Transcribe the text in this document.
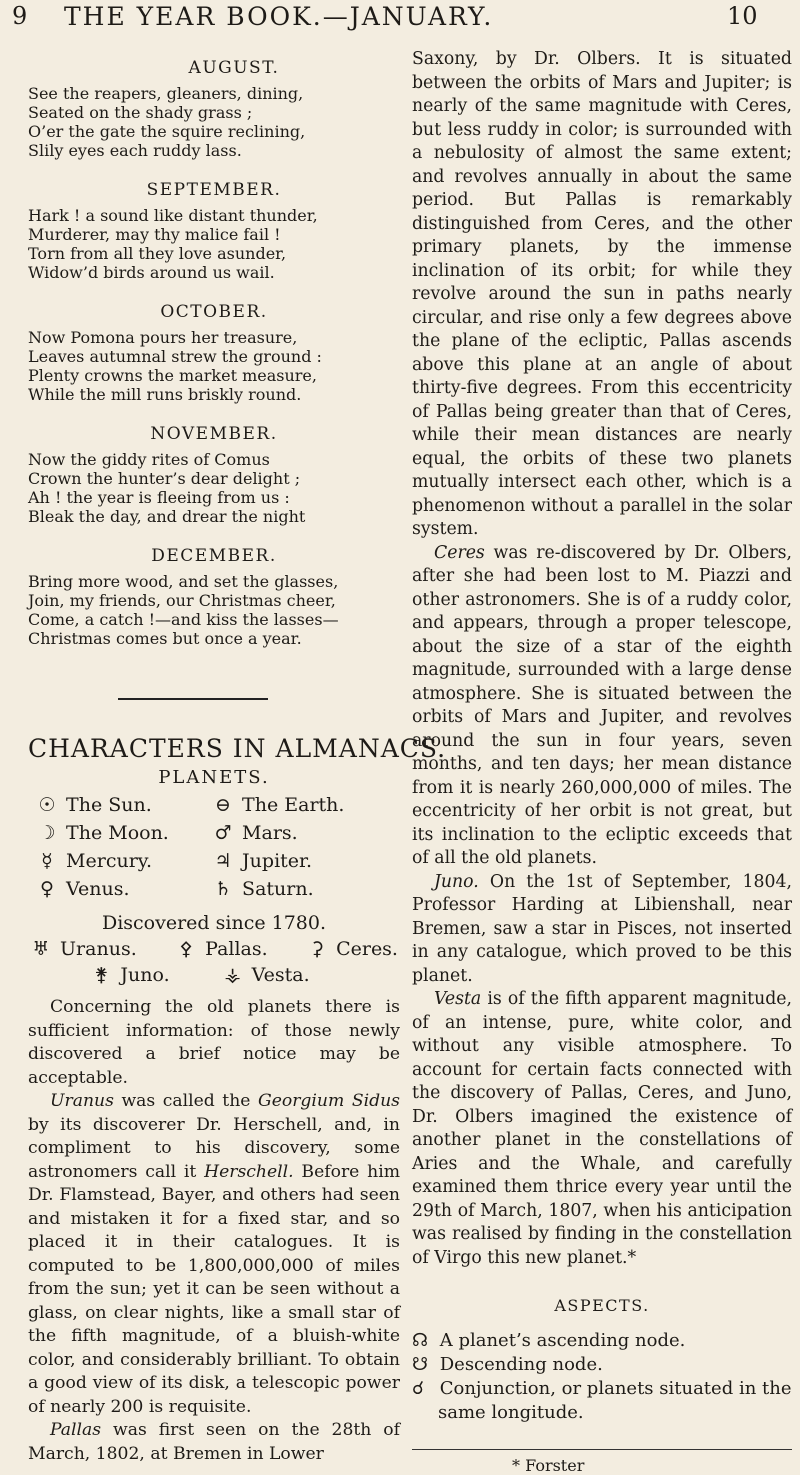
9 THE YEAR BOOK.—JANUARY.	10
AUGUST.
See the reapers, gleaners, dining,
Seated on the shady grass ;
O’er the gate the squire reclining,
Slily eyes each ruddy lass.
SEPTEMBER.
Hark ! a sound like distant thunder,
Murderer, may thy malice fail !
Torn from all they love asunder,
Widow’d birds around us wail.
OCTOBER.
Now Pomona pours her treasure,
Leaves autumnal strew the ground :
Plenty crowns the market measure,
While the mill runs briskly round.
NOVEMBER.
Now the giddy rites of Comus
Crown the hunter’s dear delight ;
Ah ! the year is fleeing from us :
Bleak the day, and drear the night
DECEMBER.
Bring more wood, and set the glasses,
Join, my friends, our Christmas cheer,
Come, a catch !—and kiss the lasses—
Christmas comes but once a year.
CHARACTERS IN ALMANACS.
PLANETS.
☉ The Sun.	⊖ The Earth.
☽ The Moon.	♂ Mars.
☿ Mercury.	♃ Jupiter.
♀ Venus.	♄ Saturn.
Discovered since 1780.
♅ Uranus.	⚴ Pallas.	⚳ Ceres.
⚵ Juno.	⚶ Vesta.

Concerning the old planets there is sufficient information: of those newly discovered a brief notice may be acceptable.

Uranus was called the Georgium Sidus by its discoverer Dr. Herschell, and, in compliment to his discovery, some astronomers call it Herschell. Before him Dr. Flamstead, Bayer, and others had seen and mistaken it for a fixed star, and so placed it in their catalogues. It is computed to be 1,800,000,000 of miles from the sun; yet it can be seen without a glass, on clear nights, like a small star of the fifth magnitude, of a bluish-white color, and considerably brilliant. To obtain a good view of its disk, a telescopic power of nearly 200 is requisite.

Pallas was first seen on the 28th of March, 1802, at Bremen in Lower

Saxony, by Dr. Olbers. It is situated between the orbits of Mars and Jupiter; is nearly of the same magnitude with Ceres, but less ruddy in color; is surrounded with a nebulosity of almost the same extent; and revolves annually in about the same period. But Pallas is remarkably distinguished from Ceres, and the other primary planets, by the immense inclination of its orbit; for while they revolve around the sun in paths nearly circular, and rise only a few degrees above the plane of the ecliptic, Pallas ascends above this plane at an angle of about thirty-five degrees. From this eccentricity of Pallas being greater than that of Ceres, while their mean distances are nearly equal, the orbits of these two planets mutually intersect each other, which is a phenomenon without a parallel in the solar system.

Ceres was re-discovered by Dr. Olbers, after she had been lost to M. Piazzi and other astronomers. She is of a ruddy color, and appears, through a proper telescope, about the size of a star of the eighth magnitude, surrounded with a large dense atmosphere. She is situated between the orbits of Mars and Jupiter, and revolves around the sun in four years, seven months, and ten days; her mean distance from it is nearly 260,000,000 of miles. The eccentricity of her orbit is not great, but its inclination to the ecliptic exceeds that of all the old planets.

Juno. On the 1st of September, 1804, Professor Harding at Libienshall, near Bremen, saw a star in Pisces, not inserted in any catalogue, which proved to be this planet.

Vesta is of the fifth apparent magnitude, of an intense, pure, white color, and without any visible atmosphere. To account for certain facts connected with the discovery of Pallas, Ceres, and Juno, Dr. Olbers imagined the existence of another planet in the constellations of Aries and the Whale, and carefully examined them thrice every year until the 29th of March, 1807, when his anticipation was realised by finding in the constellation of Virgo this new planet.*

ASPECTS.
☊ A planet’s ascending node.
☋ Descending node.
☌ Conjunction, or planets situated in the
same longitude.
* Forster
